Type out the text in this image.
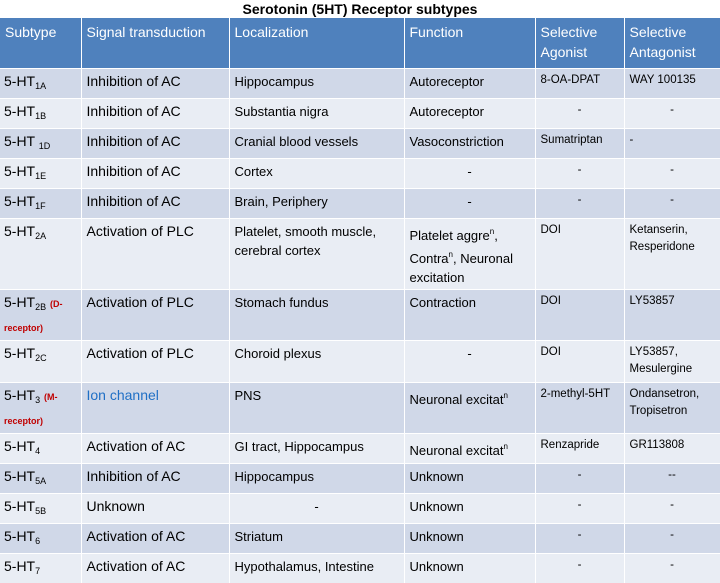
Serotonin (5HT) Receptor subtypes
Subtype	Signal transduction	Localization	Function	Selective Agonist	Selective Antagonist
$5-HT_{1A}$	Inhibition of AC	Hippocampus	Autoreceptor	8-OA-DPAT	WAY 100135
$5-HT_{1B}$	Inhibition of AC	Substantia nigra	Autoreceptor	-	-
5-HT $_{1D}$	Inhibition of AC	Cranial blood vessels	Vasoconstriction	Sumatriptan	-
$5-HT_{1E}$	Inhibition of AC	Cortex	-	-	-
$5-HT_{1F}$	Inhibition of AC	Brain, Periphery	-	-	-
$5-HT_{2A}$	Activation of PLC	Platelet, smooth muscle, cerebral cortex	Platelet aggre$^n$, Contra$^n$, Neuronal excitation	DOI	Ketanserin, Resperidone
$5-HT_{2B}$ (D-receptor)	Activation of PLC	Stomach fundus	Contraction	DOI	LY53857
$5-HT_{2C}$	Activation of PLC	Choroid plexus	-	DOI	LY53857, Mesulergine
$5-HT_3$ (M-receptor)	Ion channel	PNS	Neuronal excitat$^n$	2-methyl-5HT	Ondansetron, Tropisetron
$5-HT_4$	Activation of AC	GI tract, Hippocampus	Neuronal excitat$^n$	Renzapride	GR113808
$5-HT_{5A}$	Inhibition of AC	Hippocampus	Unknown	-	--
$5-HT_{5B}$	Unknown	-	Unknown	-	-
$5-HT_6$	Activation of AC	Striatum	Unknown	-	-
$5-HT_7$	Activation of AC	Hypothalamus, Intestine	Unknown	-	-
